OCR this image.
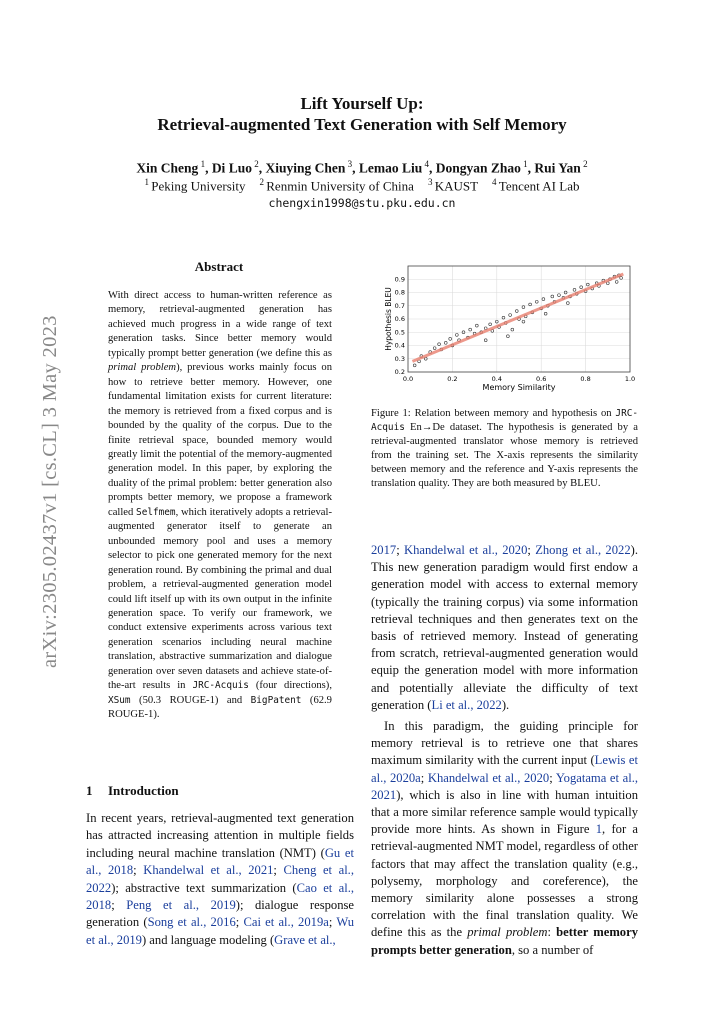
Lift Yourself Up:
Retrieval-augmented Text Generation with Self Memory
Xin Cheng $^1$, Di Luo $^2$, Xiuying Chen $^3$, Lemao Liu $^4$, Dongyan Zhao $^1$, Rui Yan $^2$
$^1$ Peking University $^2$ Renmin University of China $^3$ KAUST $^4$ Tencent AI Lab
chengxin1998@stu.pku.edu.cn
arXiv:2305.02437v1 [cs.CL] 3 May 2023
Abstract
With direct access to human-written reference as memory, retrieval-augmented generation has achieved much progress in a wide range of text generation tasks. Since better memory would typically prompt better generation (we define this as primal problem), previous works mainly focus on how to retrieve better memory. However, one fundamental limitation exists for current literature: the memory is retrieved from a fixed corpus and is bounded by the quality of the corpus. Due to the finite retrieval space, bounded memory would greatly limit the potential of the memory-augmented generation model. In this paper, by exploring the duality of the primal problem: better generation also prompts better memory, we propose a framework called Selfmem, which iteratively adopts a retrieval-augmented generator itself to generate an unbounded memory pool and uses a memory selector to pick one generated memory for the next generation round. By combining the primal and dual problem, a retrieval-augmented generation model could lift itself up with its own output in the infinite generation space. To verify our framework, we conduct extensive experiments across various text generation scenarios including neural machine translation, abstractive summarization and dialogue generation over seven datasets and achieve state-of-the-art results in JRC-Acquis (four directions), XSum (50.3 ROUGE-1) and BigPatent (62.9 ROUGE-1).
1 Introduction
In recent years, retrieval-augmented text generation has attracted increasing attention in multiple fields including neural machine translation (NMT) (Gu et al., 2018; Khandelwal et al., 2021; Cheng et al., 2022); abstractive text summarization (Cao et al., 2018; Peng et al., 2019); dialogue response generation (Song et al., 2016; Cai et al., 2019a; Wu et al., 2019) and language modeling (Grave et al.,
0.0	0.2	0.4	0.6	0.8	1.0
0.2
0.3
0.4
0.5
0.6
0.7
0.8
0.9
Memory Similarity
Hypothesis BLEU
Figure 1: Relation between memory and hypothesis on JRC-Acquis En→De dataset. The hypothesis is generated by a retrieval-augmented translator whose memory is retrieved from the training set. The X-axis represents the similarity between memory and the reference and Y-axis represents the translation quality. They are both measured by BLEU.

2017; Khandelwal et al., 2020; Zhong et al., 2022). This new generation paradigm would first endow a generation model with access to external memory (typically the training corpus) via some information retrieval techniques and then generates text on the basis of retrieved memory. Instead of generating from scratch, retrieval-augmented generation would equip the generation model with more information and potentially alleviate the difficulty of text generation (Li et al., 2022).

In this paradigm, the guiding principle for memory retrieval is to retrieve one that shares maximum similarity with the current input (Lewis et al., 2020a; Khandelwal et al., 2020; Yogatama et al., 2021), which is also in line with human intuition that a more similar reference sample would typically provide more hints. As shown in Figure 1, for a retrieval-augmented NMT model, regardless of other factors that may affect the translation quality (e.g., polysemy, morphology and coreference), the memory similarity alone possesses a strong correlation with the final translation quality. We define this as the primal problem: better memory prompts better generation, so a number of
